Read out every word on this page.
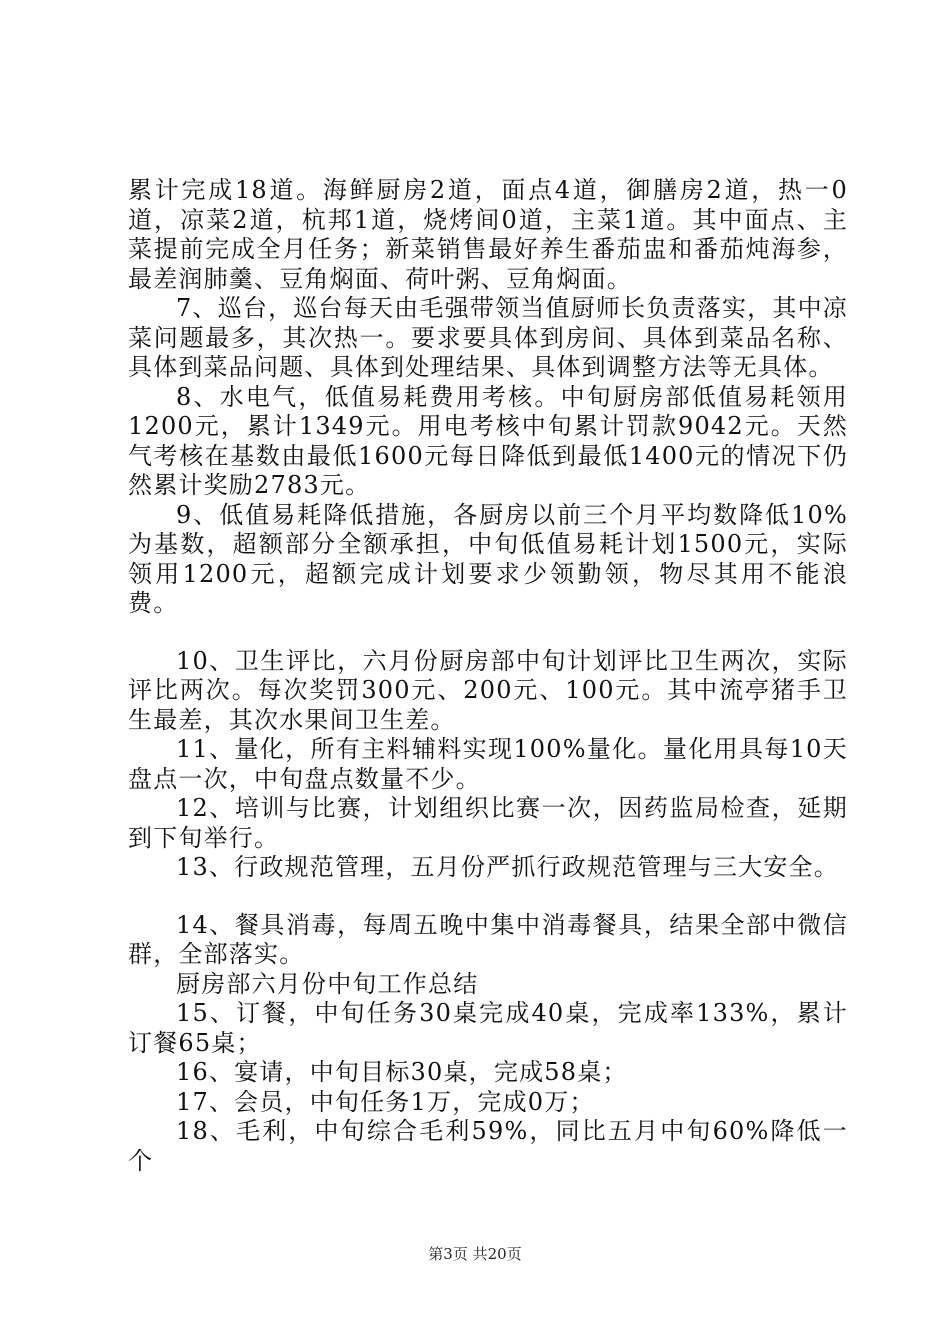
累计完成18道。海鲜厨房2道，面点4道，御膳房2道，热一0道，凉菜2道，杭邦1道，烧烤间0道，主菜1道。其中面点、主菜提前完成全月任务；新菜销售最好养生番茄盅和番茄炖海参，最差润肺羹、豆角焖面、荷叶粥、豆角焖面。

7、巡台，巡台每天由毛强带领当值厨师长负责落实，其中凉菜问题最多，其次热一。要求要具体到房间、具体到菜品名称、具体到菜品问题、具体到处理结果、具体到调整方法等无具体。

8、水电气，低值易耗费用考核。中旬厨房部低值易耗领用1200元，累计1349元。用电考核中旬累计罚款9042元。天然气考核在基数由最低1600元每日降低到最低1400元的情况下仍然累计奖励2783元。

9、低值易耗降低措施，各厨房以前三个月平均数降低10%为基数，超额部分全额承担，中旬低值易耗计划1500元，实际领用1200元，超额完成计划要求少领勤领，物尽其用不能浪费。

10、卫生评比，六月份厨房部中旬计划评比卫生两次，实际评比两次。每次奖罚300元、200元、100元。其中流亭猪手卫生最差，其次水果间卫生差。

11、量化，所有主料辅料实现100%量化。量化用具每10天盘点一次，中旬盘点数量不少。

12、培训与比赛，计划组织比赛一次，因药监局检查，延期到下旬举行。

13、行政规范管理，五月份严抓行政规范管理与三大安全。

14、餐具消毒，每周五晚中集中消毒餐具，结果全部中微信群，全部落实。

厨房部六月份中旬工作总结

15、订餐，中旬任务30桌完成40桌，完成率133%，累计订餐65桌；

16、宴请，中旬目标30桌，完成58桌；

17、会员，中旬任务1万，完成0万；

18、毛利，中旬综合毛利59%，同比五月中旬60%降低一个

第3页 共20页
